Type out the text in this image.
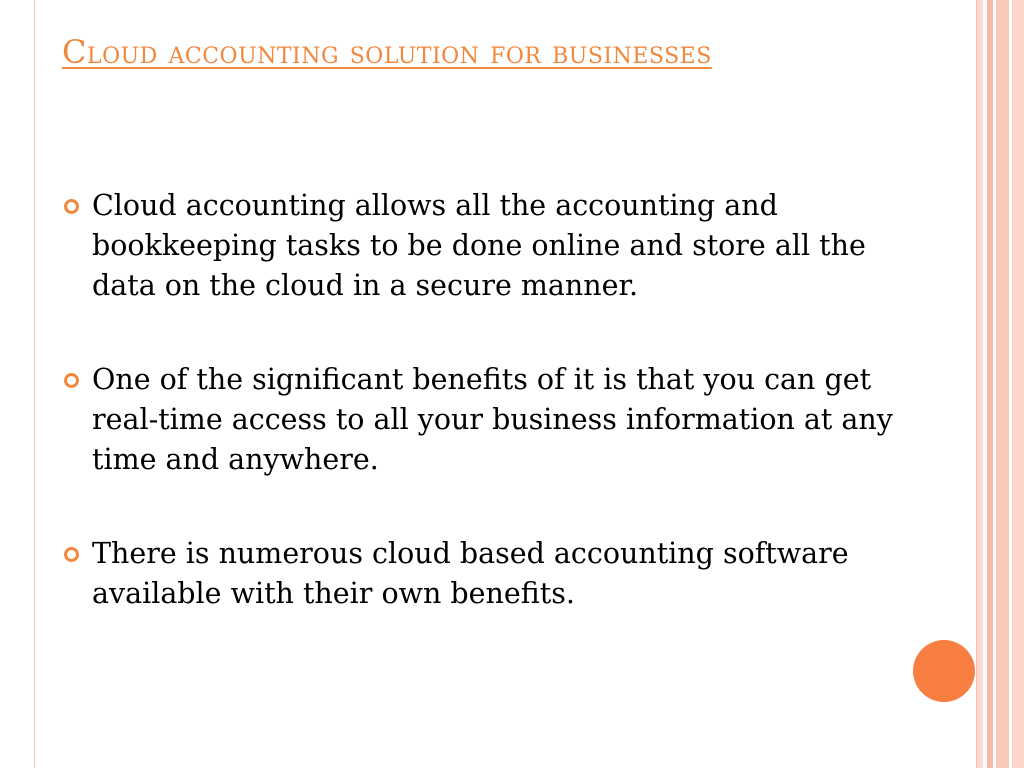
Cloud accounting solution for businesses
Cloud accounting allows all the accounting and bookkeeping tasks to be done online and store all the data on the cloud in a secure manner.
One of the significant benefits of it is that you can get real-time access to all your business information at any time and anywhere.
There is numerous cloud based accounting software available with their own benefits.
